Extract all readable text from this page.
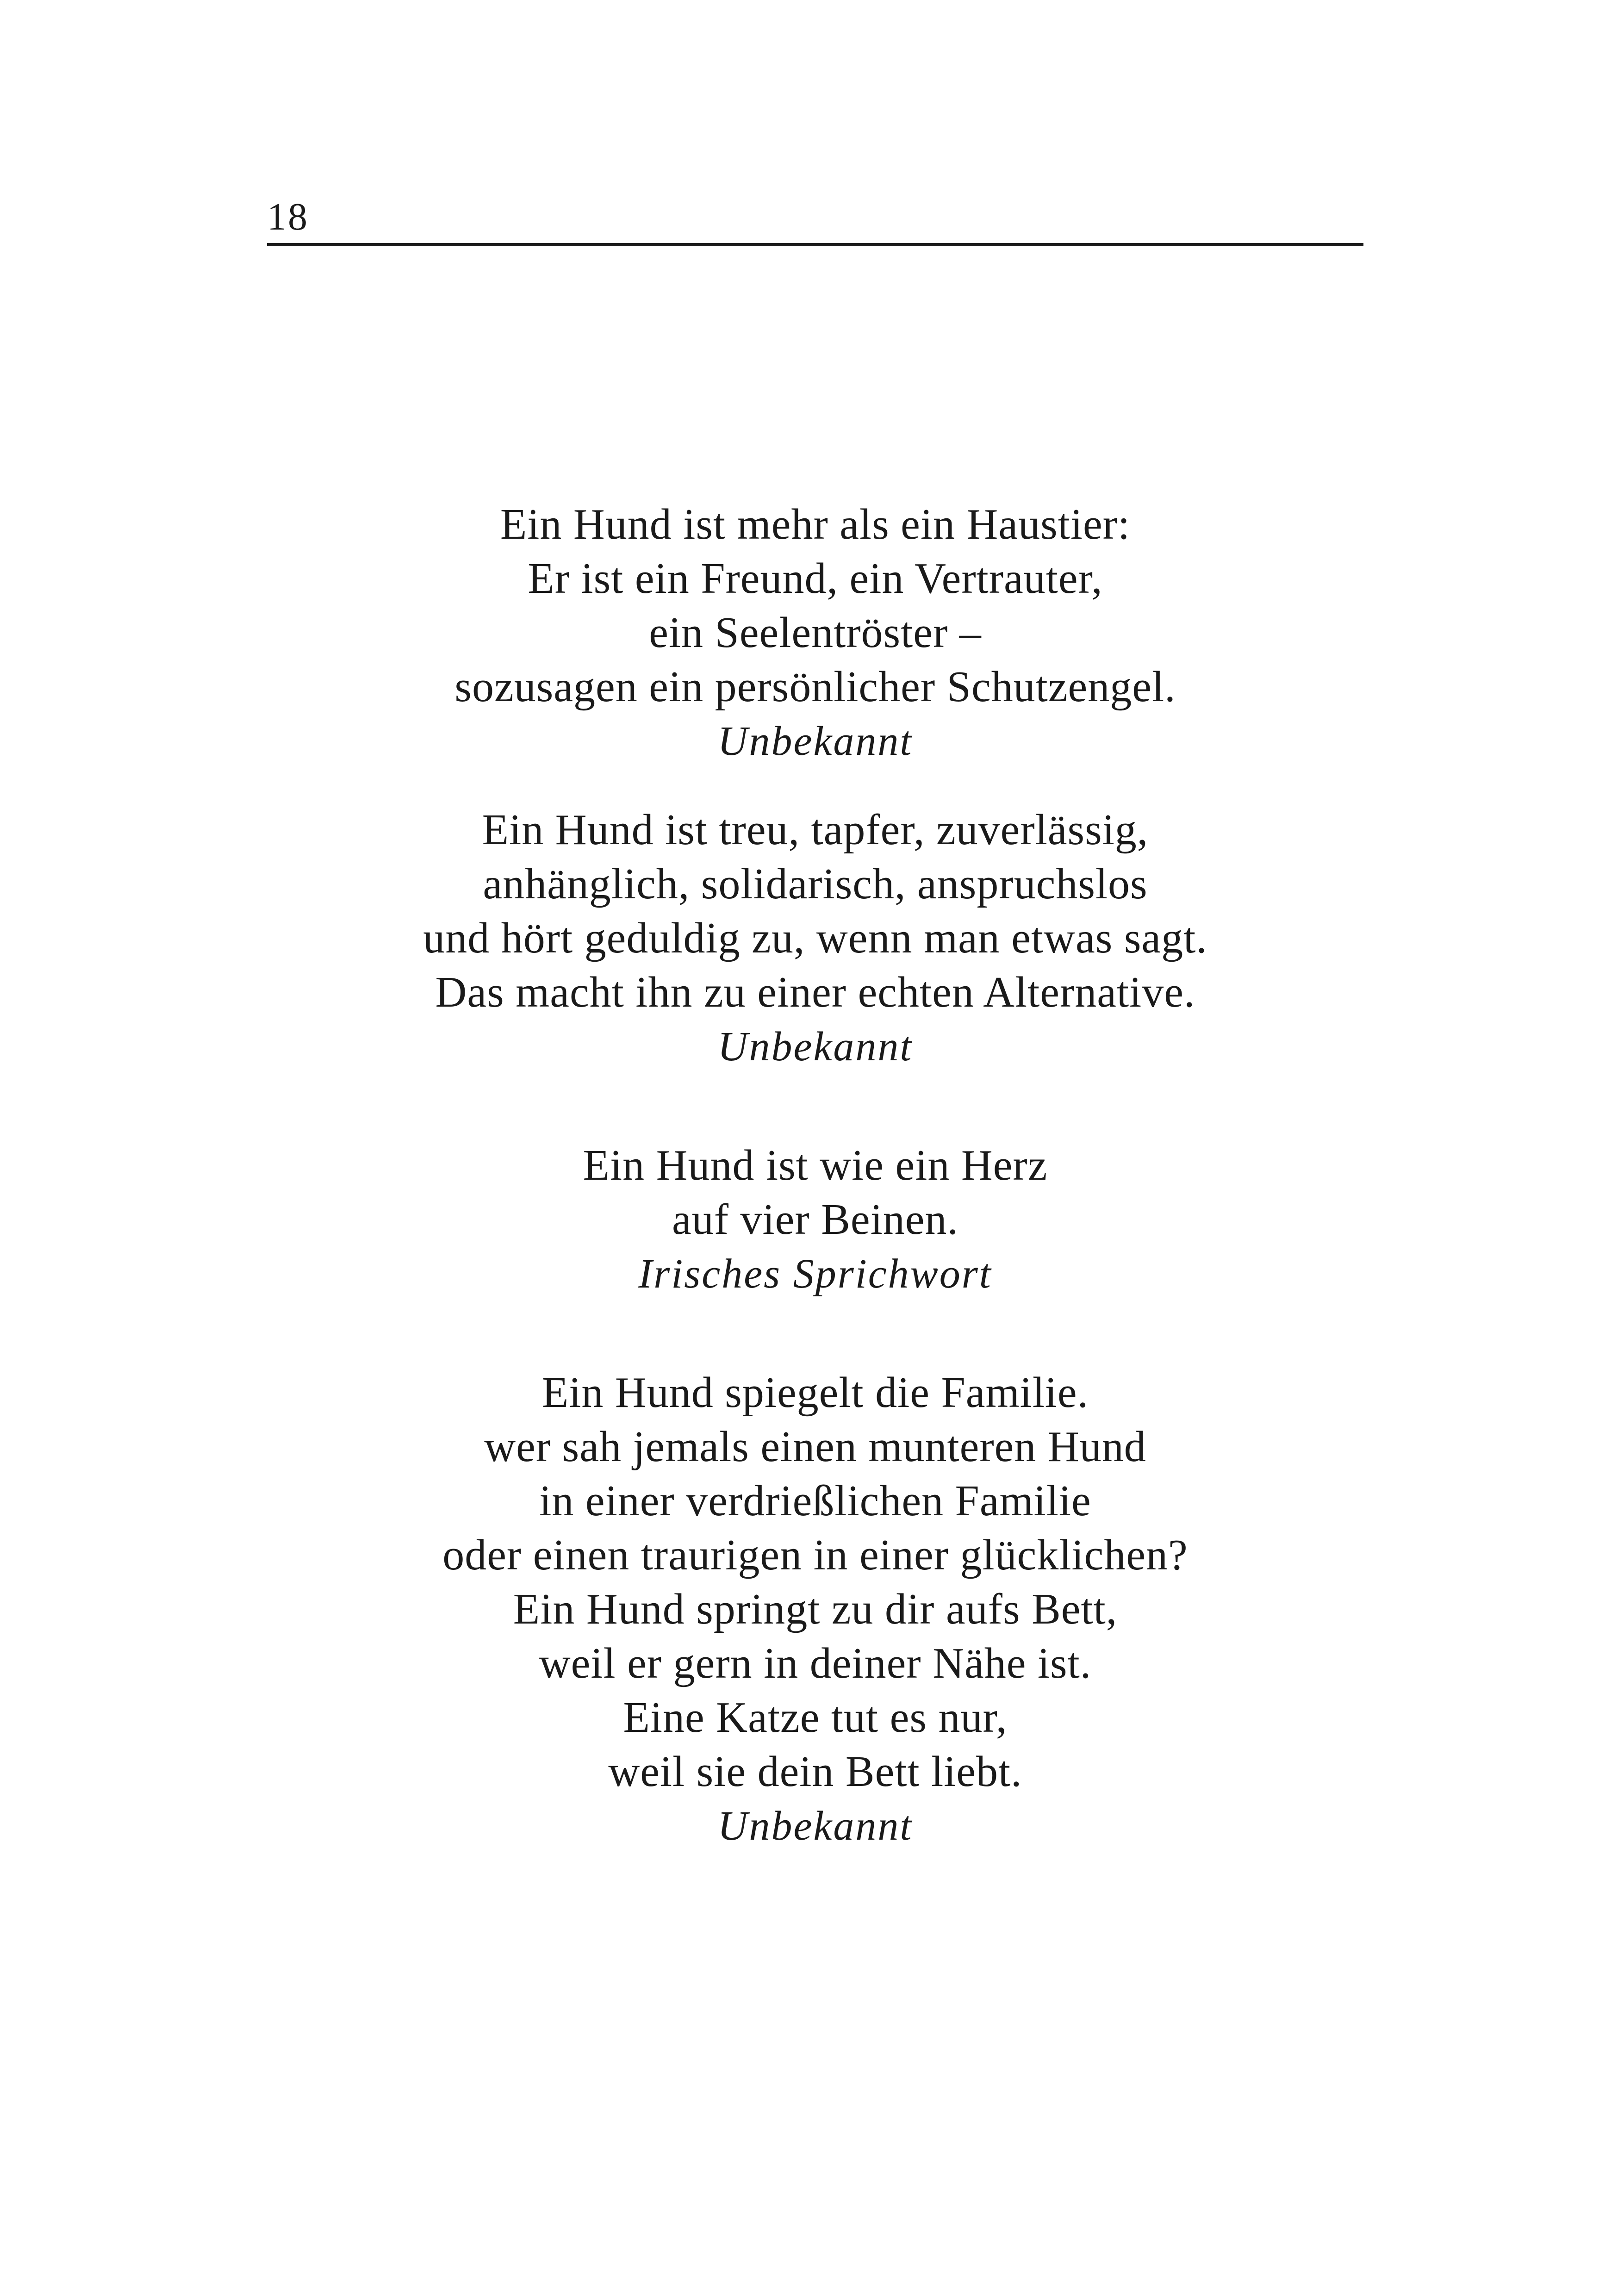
18
Ein Hund ist mehr als ein Haustier:
Er ist ein Freund, ein Vertrauter,
ein Seelentröster –
sozusagen ein persönlicher Schutzengel.
Unbekannt
Ein Hund ist treu, tapfer, zuverlässig,
anhänglich, solidarisch, anspruchslos
und hört geduldig zu, wenn man etwas sagt.
Das macht ihn zu einer echten Alternative.
Unbekannt
Ein Hund ist wie ein Herz
auf vier Beinen.
Irisches Sprichwort
Ein Hund spiegelt die Familie.
wer sah jemals einen munteren Hund
in einer verdrießlichen Familie
oder einen traurigen in einer glücklichen?
Ein Hund springt zu dir aufs Bett,
weil er gern in deiner Nähe ist.
Eine Katze tut es nur,
weil sie dein Bett liebt.
Unbekannt
